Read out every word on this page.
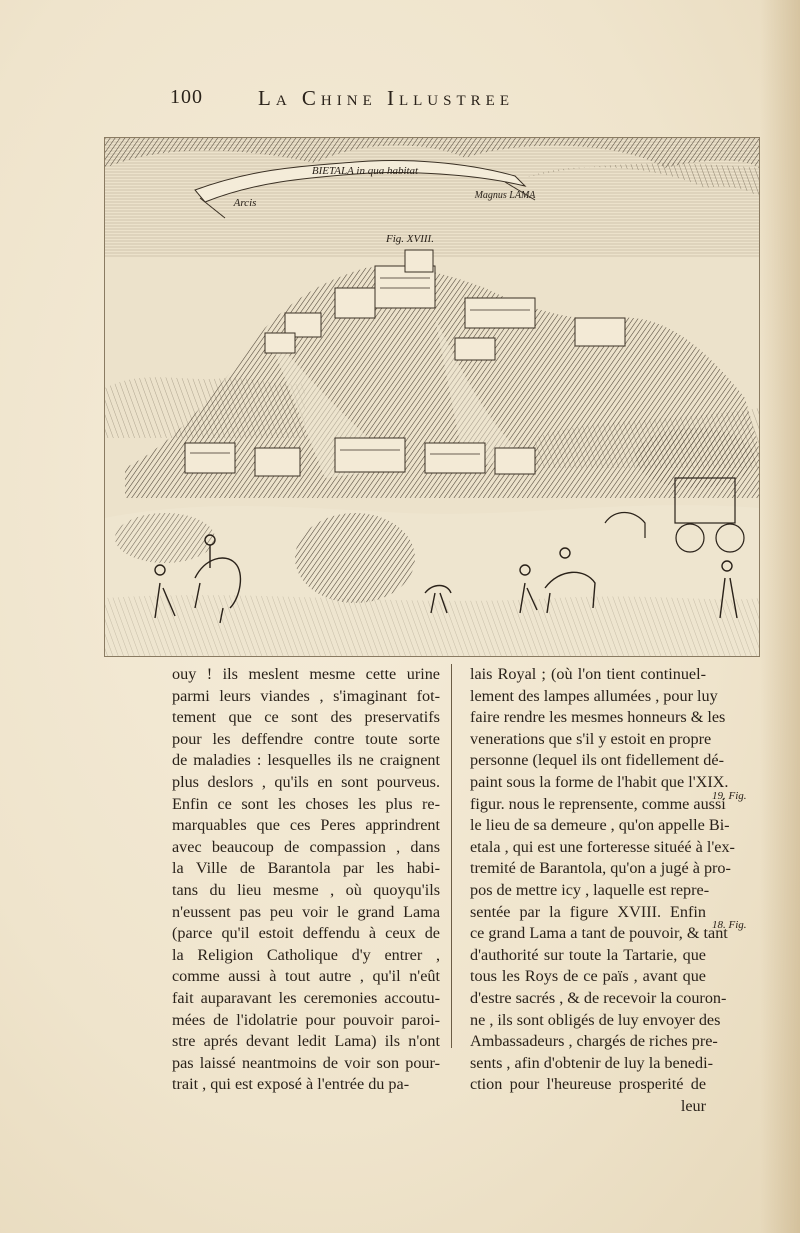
100	La Chine Illustree
BIETALA in qua habitat
Arcis
Magnus LAMA
Fig. XVIII.

ouy ! ils meslent mesme cette urine

parmi leurs viandes , s'imaginant fot-

tement que ce sont des preservatifs

pour les deffendre contre toute sorte

de maladies : lesquelles ils ne craignent

plus deslors , qu'ils en sont pourveus.

Enfin ce sont les choses les plus re-

marquables que ces Peres apprindrent

avec beaucoup de compassion , dans

la Ville de Barantola par les habi-

tans du lieu mesme , où quoyqu'ils

n'eussent pas peu voir le grand Lama

(parce qu'il estoit deffendu à ceux de

la Religion Catholique d'y entrer ,

comme aussi à tout autre , qu'il n'eût

fait auparavant les ceremonies accoutu-

mées de l'idolatrie pour pouvoir paroi-

stre aprés devant ledit Lama) ils n'ont

pas laissé neantmoins de voir son pour-

trait , qui est exposé à l'entrée du pa-

lais Royal ; (où l'on tient continuel-

lement des lampes allumées , pour luy

faire rendre les mesmes honneurs & les

venerations que s'il y estoit en propre

personne (lequel ils ont fidellement dé-

paint sous la forme de l'habit que l'XIX.

figur. nous le reprensente, comme aussi

le lieu de sa demeure , qu'on appelle Bi-

etala , qui est une forteresse situéé à l'ex-

tremité de Barantola, qu'on a jugé à pro-

pos de mettre icy , laquelle est repre-

sentée par la figure XVIII. Enfin

ce grand Lama a tant de pouvoir, & tant

d'authorité sur toute la Tartarie, que

tous les Roys de ce païs , avant que

d'estre sacrés , & de recevoir la couron-

ne , ils sont obligés de luy envoyer des

Ambassadeurs , chargés de riches pre-

sents , afin d'obtenir de luy la benedi-

ction pour l'heureuse prosperité de

leur

19. Fig.
18. Fig.
